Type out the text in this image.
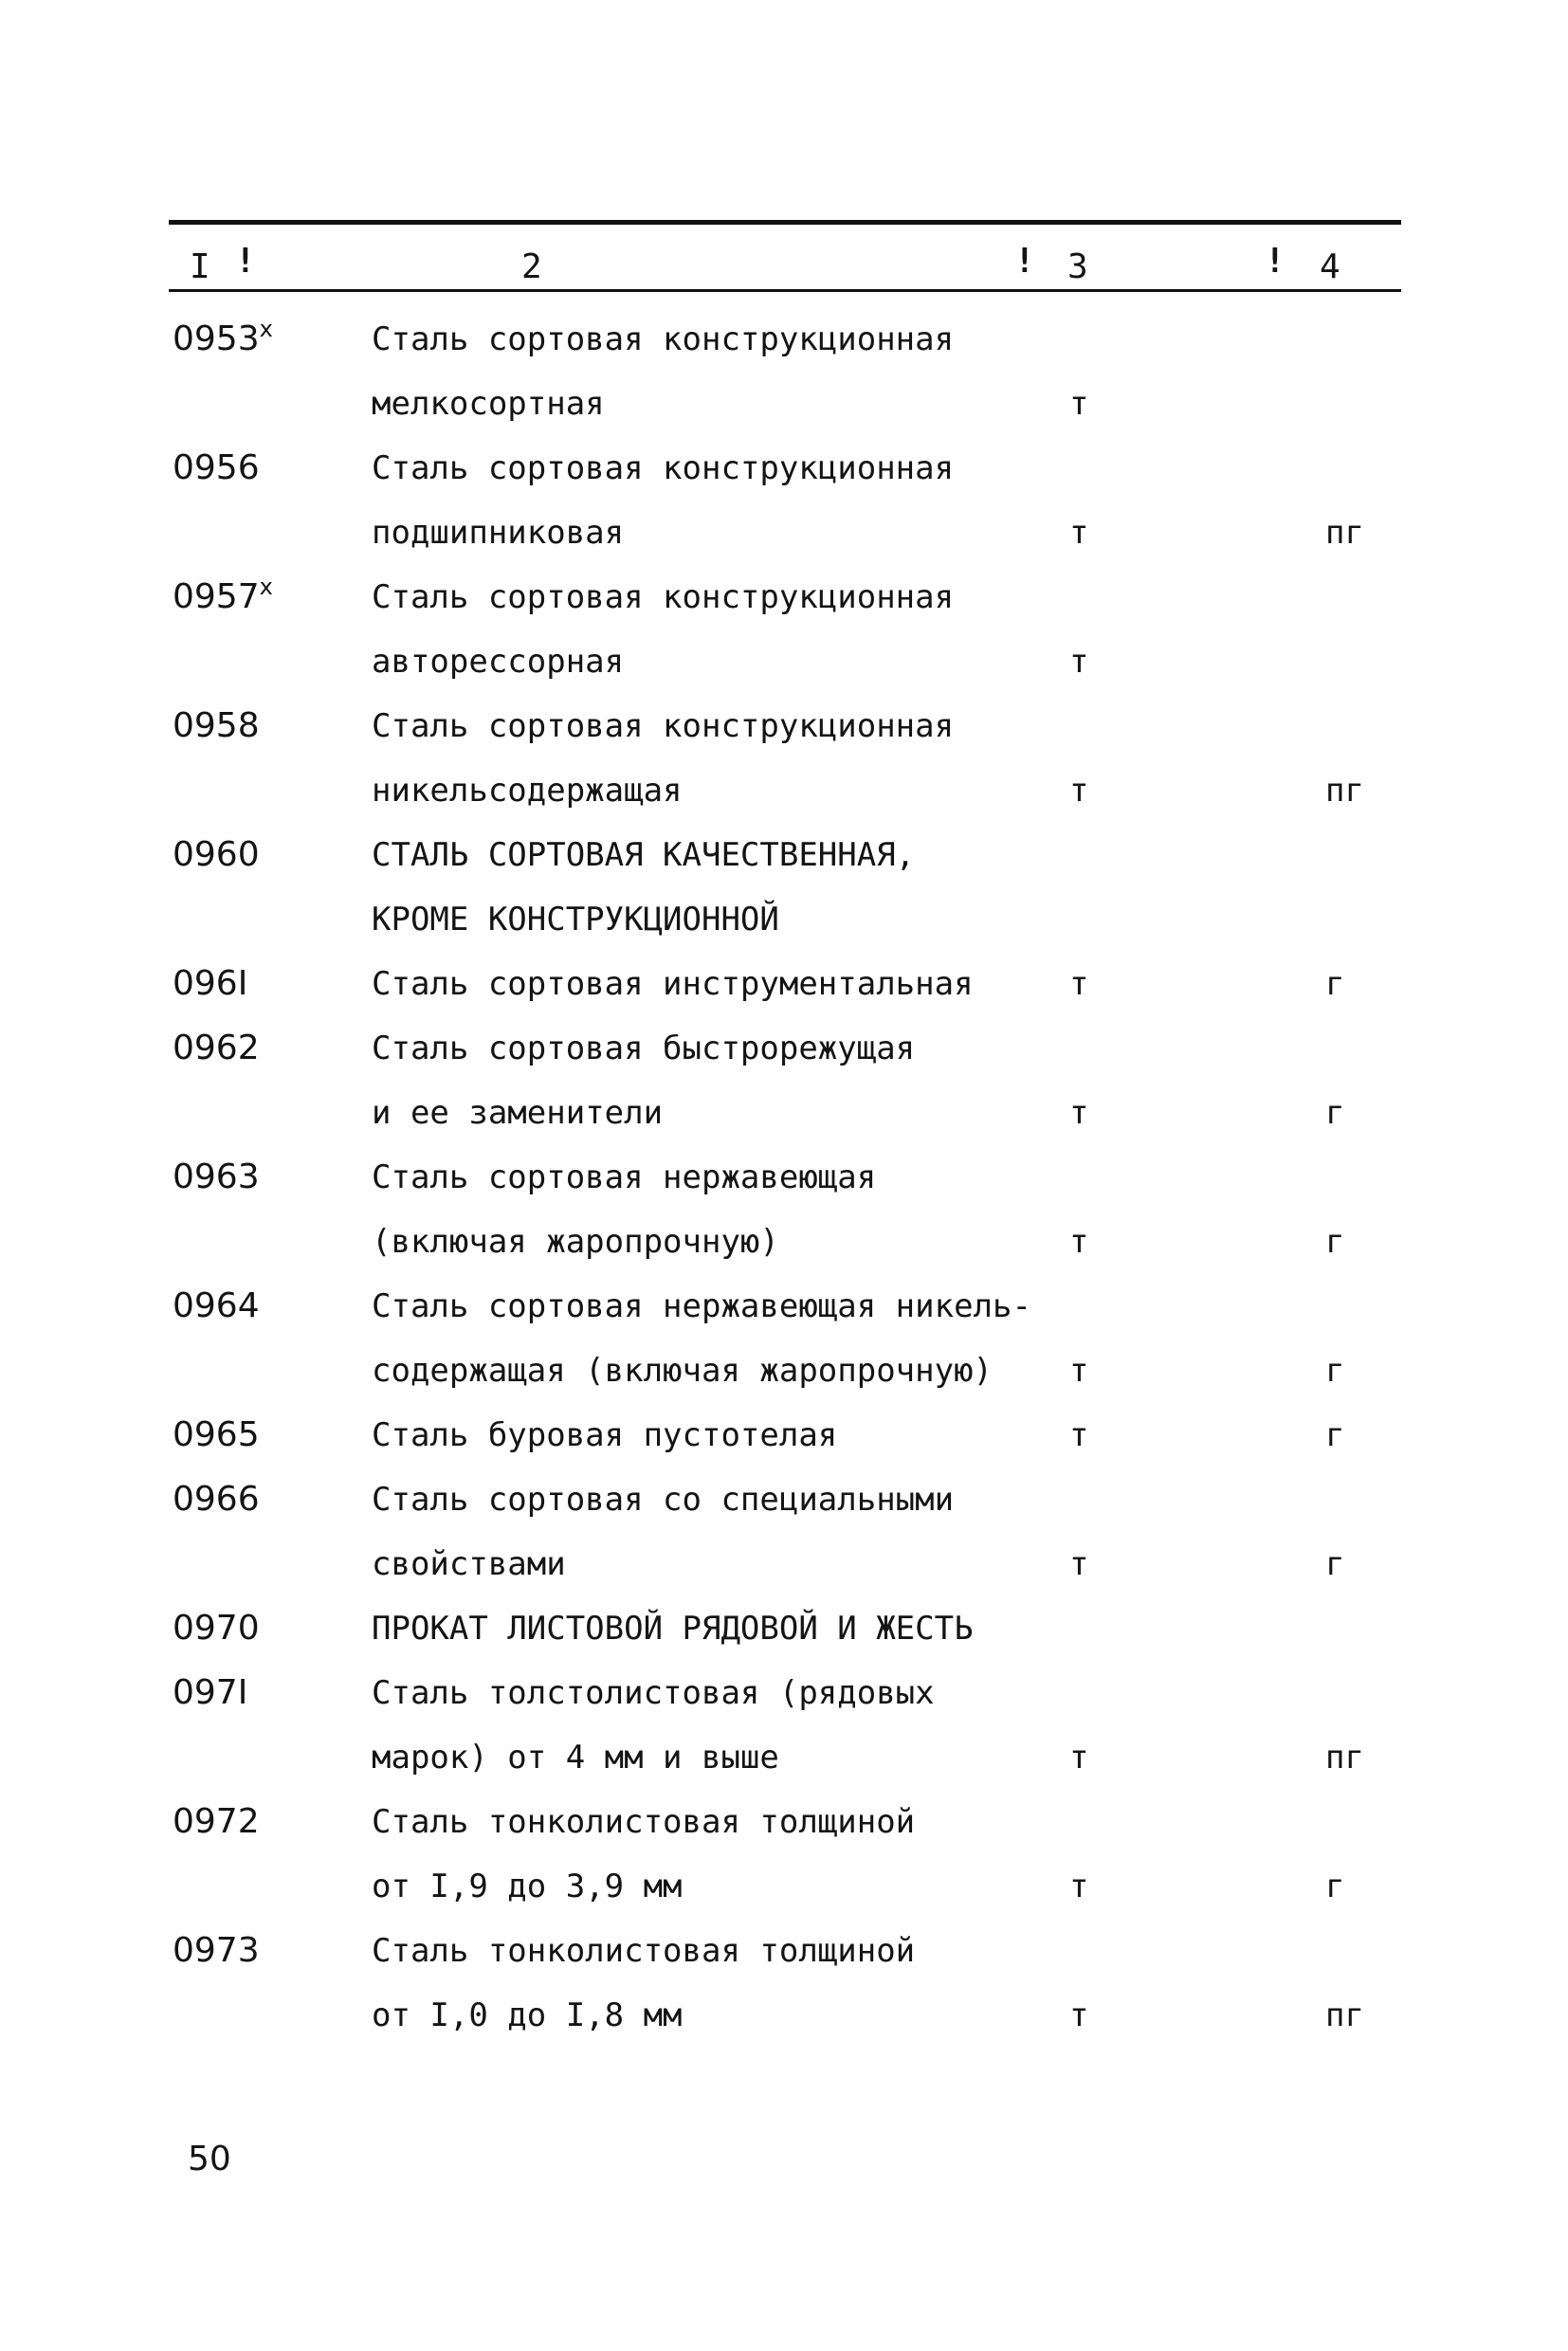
I !	2	! 3	! 4
0953$^x$	Сталь сортовая конструкционная
мелкосортная	т
0956	Сталь сортовая конструкционная
подшипниковая	т	пг
0957$^x$	Сталь сортовая конструкционная
авторессорная	т
0958	Сталь сортовая конструкционная
никельсодержащая	т	пг
0960	СТАЛЬ СОРТОВАЯ КАЧЕСТВЕННАЯ,
КРОМЕ КОНСТРУКЦИОННОЙ
096I	Сталь сортовая инструментальная	т	г
0962	Сталь сортовая быстрорежущая
и ее заменители	т	г
0963	Сталь сортовая нержавеющая
(включая жаропрочную)	т	г
0964	Сталь сортовая нержавеющая никель-
содержащая (включая жаропрочную)	т	г
0965	Сталь буровая пустотелая	т	г
0966	Сталь сортовая со специальными
свойствами	т	г
0970	ПРОКАТ ЛИСТОВОЙ РЯДОВОЙ И ЖЕСТЬ
097I	Сталь толстолистовая (рядовых
марок) от 4 мм и выше	т	пг
0972	Сталь тонколистовая толщиной
от I,9 до 3,9 мм	т	г
0973	Сталь тонколистовая толщиной
от I,0 до I,8 мм	т	пг
50
